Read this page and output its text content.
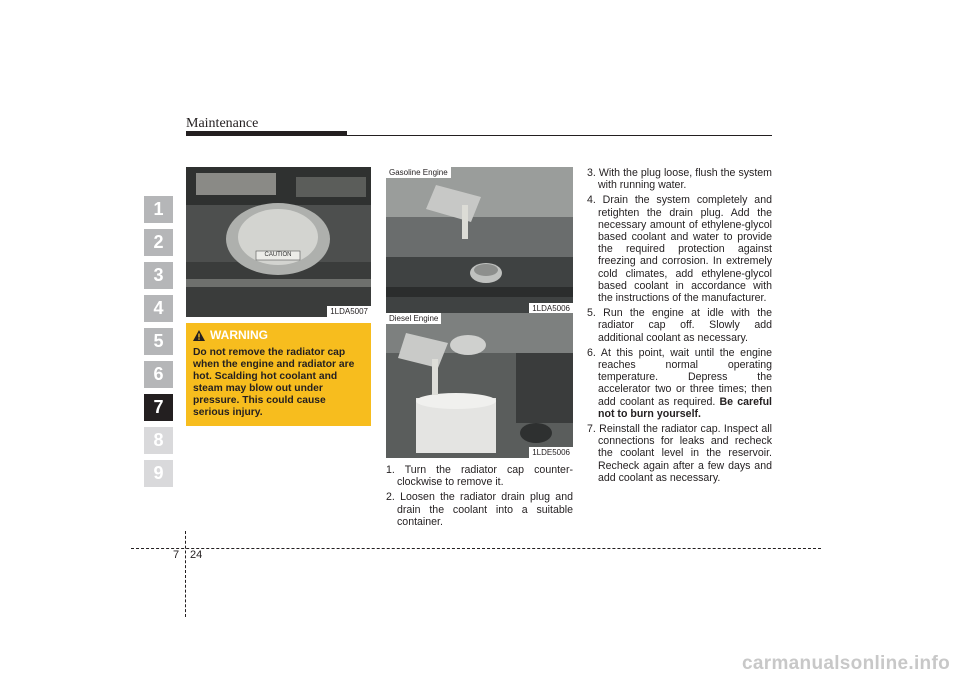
Maintenance
1
2
3
4
5
6
7
8
9
CAUTION
1LDA5007
WARNING
Do not remove the radiator cap when the engine and radiator are hot. Scalding hot coolant and steam may blow out under pressure. This could cause serious injury.
Gasoline Engine
1LDA5006
Diesel Engine
1LDE5006
1. Turn the radiator cap counter-clockwise to remove it.
2. Loosen the radiator drain plug and drain the coolant into a suitable container.
3. With the plug loose, flush the system with running water.
4. Drain the system completely and retighten the drain plug. Add the necessary amount of ethylene-glycol based coolant and water to provide the required protection against freezing and corrosion. In extremely cold climates, add ethylene-glycol based coolant in accordance with the instructions of the manufacturer.
5. Run the engine at idle with the radiator cap off. Slowly add additional coolant as necessary.
6. At this point, wait until the engine reaches normal operating temperature. Depress the accelerator two or three times; then add coolant as required. Be careful not to burn yourself.
7. Reinstall the radiator cap. Inspect all connections for leaks and recheck the coolant level in the reservoir. Recheck again after a few days and add coolant as necessary.
7 24
carmanualsonline.info
